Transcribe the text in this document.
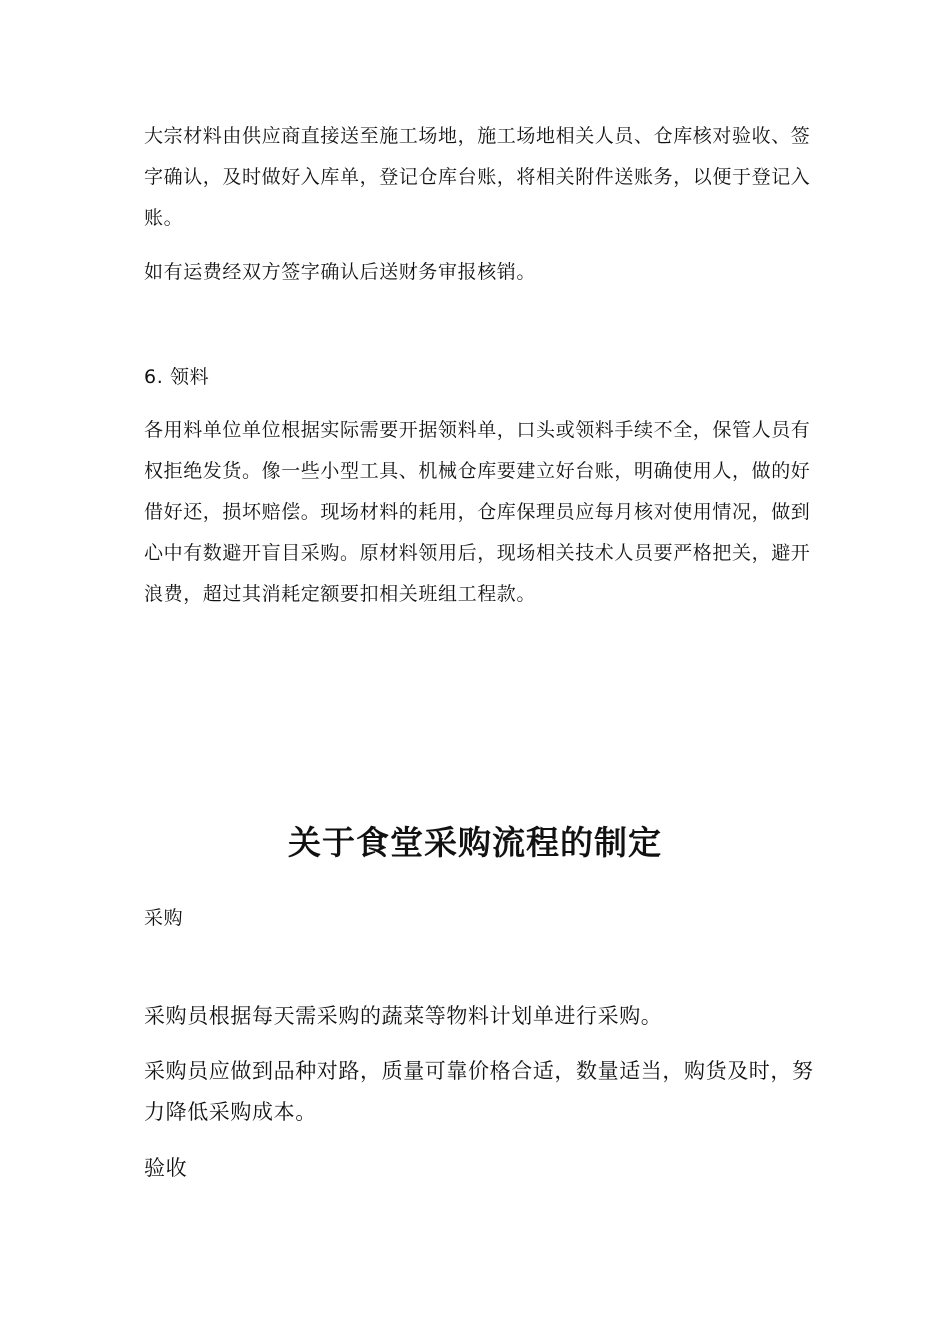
大宗材料由供应商直接送至施工场地，施工场地相关人员、仓库核对验收、签字确认，及时做好入库单，登记仓库台账，将相关附件送账务，以便于登记入账。

如有运费经双方签字确认后送财务审报核销。

6. 领料

各用料单位单位根据实际需要开据领料单，口头或领料手续不全，保管人员有权拒绝发货。像一些小型工具、机械仓库要建立好台账，明确使用人，做的好借好还，损坏赔偿。现场材料的耗用，仓库保理员应每月核对使用情况，做到心中有数避开盲目采购。原材料领用后，现场相关技术人员要严格把关，避开浪费，超过其消耗定额要扣相关班组工程款。

关于食堂采购流程的制定

采购

采购员根据每天需采购的蔬菜等物料计划单进行采购。

采购员应做到品种对路，质量可靠价格合适，数量适当，购货及时，努力降低采购成本。

验收
